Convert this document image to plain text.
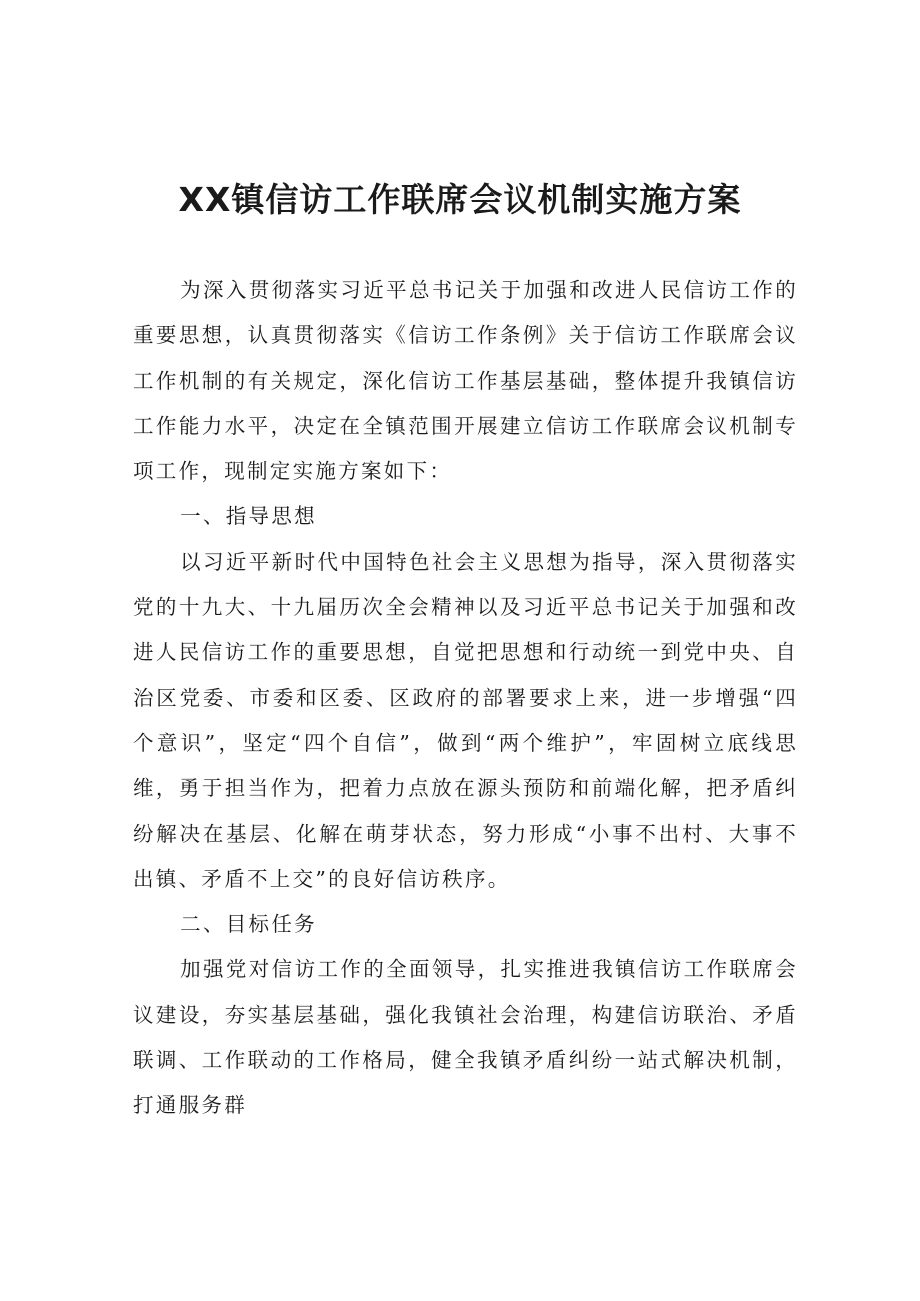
XX镇信访工作联席会议机制实施方案

为深入贯彻落实习近平总书记关于加强和改进人民信访工作的重要思想，认真贯彻落实《信访工作条例》关于信访工作联席会议工作机制的有关规定，深化信访工作基层基础，整体提升我镇信访工作能力水平，决定在全镇范围开展建立信访工作联席会议机制专项工作，现制定实施方案如下：

一、指导思想

以习近平新时代中国特色社会主义思想为指导，深入贯彻落实党的十九大、十九届历次全会精神以及习近平总书记关于加强和改进人民信访工作的重要思想，自觉把思想和行动统一到党中央、自治区党委、市委和区委、区政府的部署要求上来，进一步增强“四个意识”，坚定“四个自信”，做到“两个维护”，牢固树立底线思维，勇于担当作为，把着力点放在源头预防和前端化解，把矛盾纠纷解决在基层、化解在萌芽状态，努力形成“小事不出村、大事不出镇、矛盾不上交”的良好信访秩序。

二、目标任务

加强党对信访工作的全面领导，扎实推进我镇信访工作联席会议建设，夯实基层基础，强化我镇社会治理，构建信访联治、矛盾联调、工作联动的工作格局，健全我镇矛盾纠纷一站式解决机制，打通服务群
